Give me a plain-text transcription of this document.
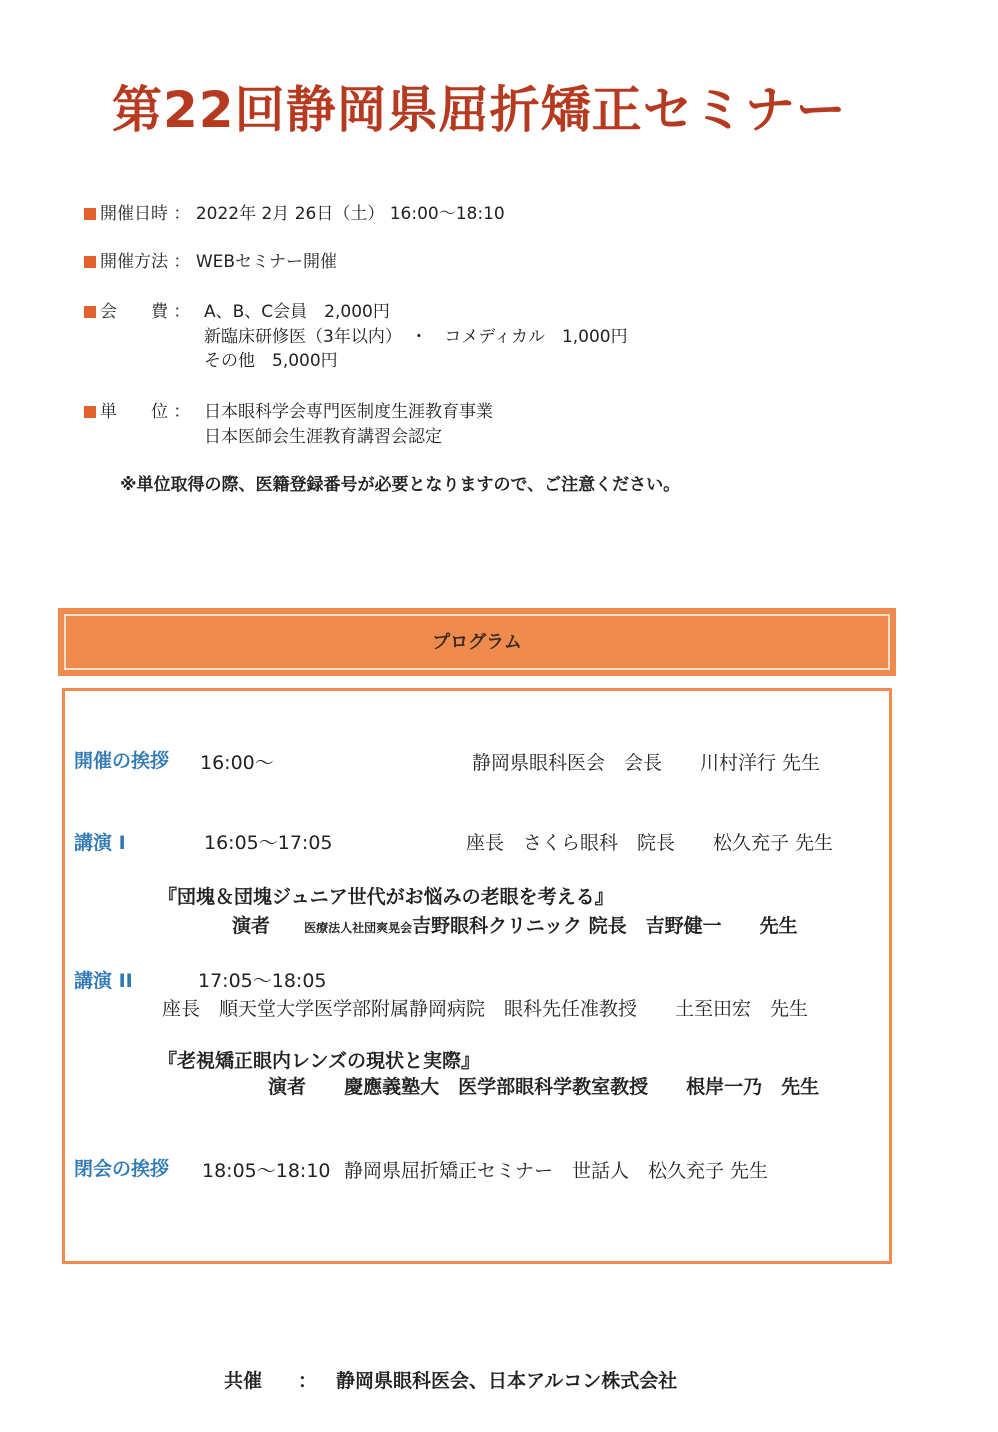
第22回静岡県屈折矯正セミナー
開催日時 ： 2022年 2月 26日（土） 16:00〜18:10
開催方法 ： WEBセミナー開催
会　　費 ： A、B、C会員　2,000円
新臨床研修医（3年以内）　・　コメディカル　1,000円
その他　5,000円
単　　位 ： 日本眼科学会専門医制度生涯教育事業
日本医師会生涯教育講習会認定
※単位取得の際、医籍登録番号が必要となりますので、ご注意ください。
プログラム
開催の挨拶 16:00〜	静岡県眼科医会　会長　　川村洋行 先生
講演 I	16:05〜17:05	座長　さくら眼科　院長　　松久充子 先生
『団塊＆団塊ジュニア世代がお悩みの老眼を考える』
演者	医療法人社団爽晃会吉野眼科クリニック 院長　吉野健一　　先生
講演 II	17:05〜18:05
座長　順天堂大学医学部附属静岡病院　眼科先任准教授　　土至田宏　先生
『老視矯正眼内レンズの現状と実際』
演者 慶應義塾大　医学部眼科学教室教授　　根岸一乃　先生
閉会の挨拶 18:05〜18:10 静岡県屈折矯正セミナー　世話人　松久充子 先生
共催 ： 静岡県眼科医会、日本アルコン株式会社
